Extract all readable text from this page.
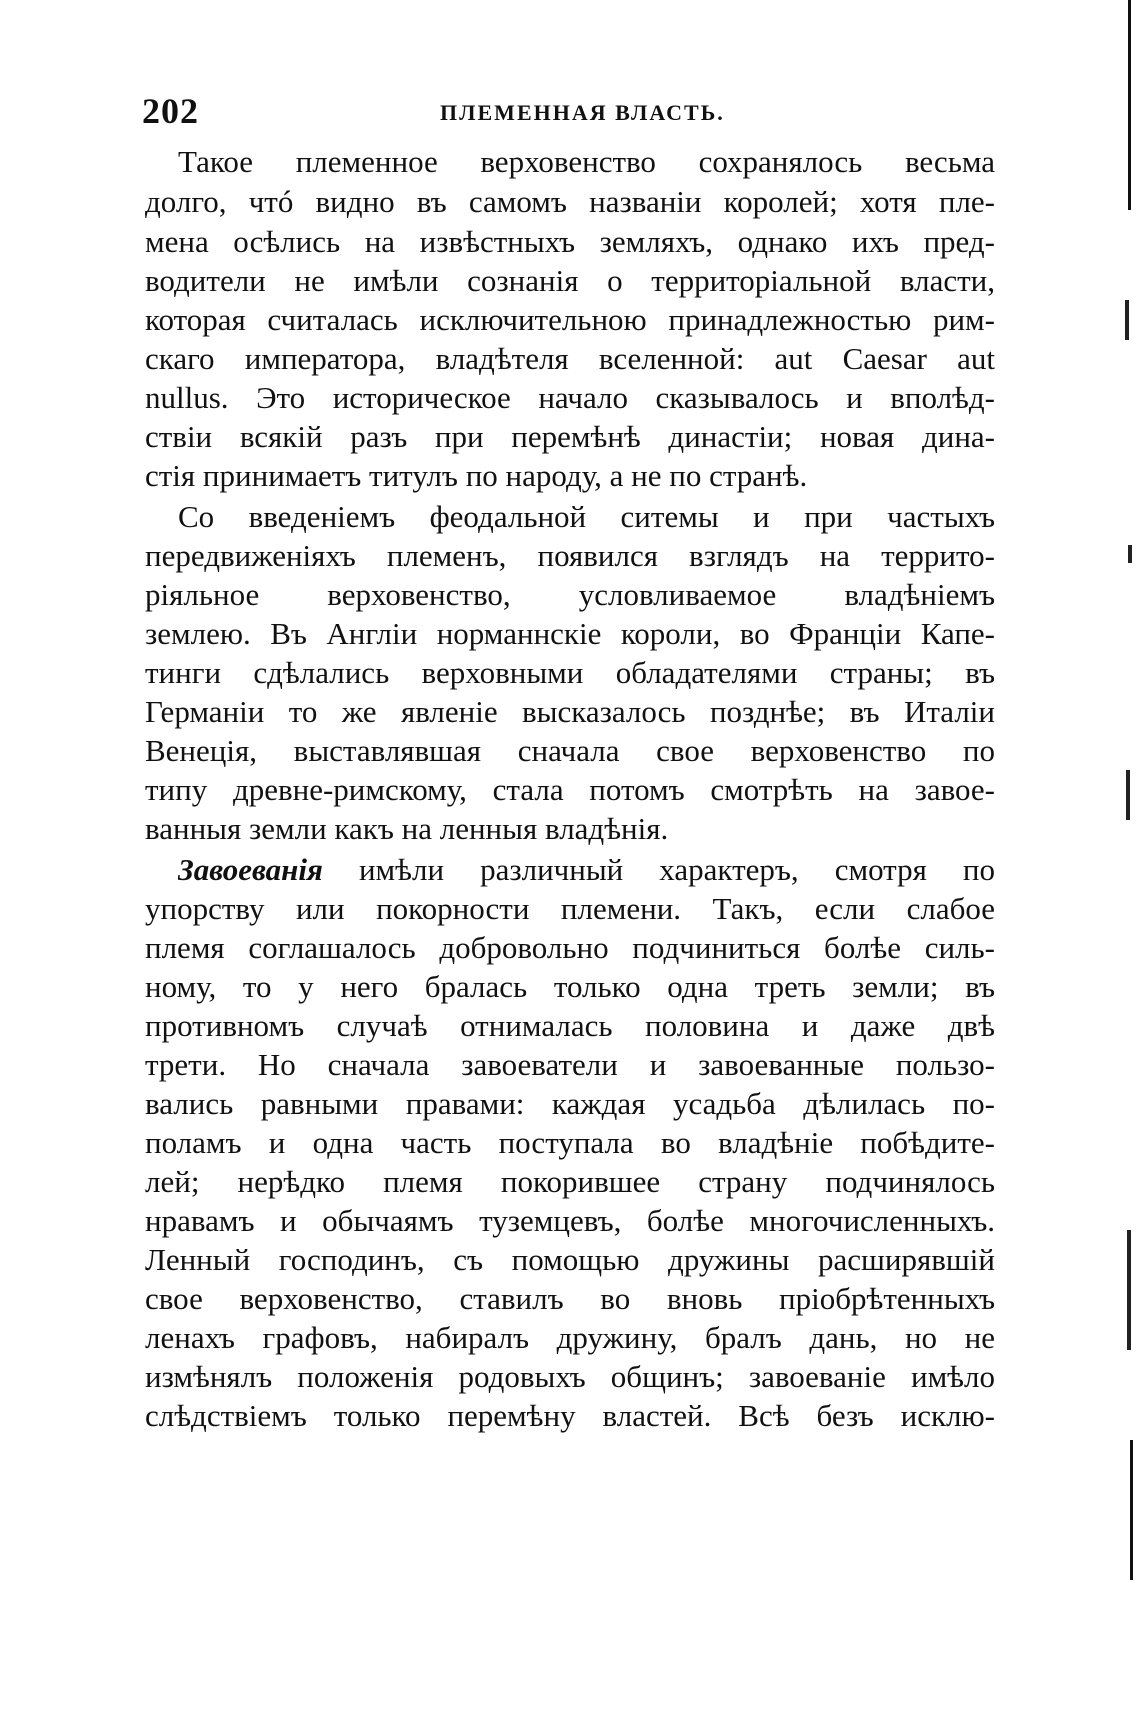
202	ПЛЕМЕННАЯ ВЛАСТЬ.
Такое племенное верховенство сохранялось весьма
долго, чтó видно въ самомъ названіи королей; хотя пле-
мена осѣлись на извѣстныхъ земляхъ, однако ихъ пред-
водители не имѣли сознанія о территоріальной власти,
которая считалась исключительною принадлежностью рим-
скаго императора, владѣтеля вселенной: aut Caesar aut
nullus. Это историческое начало сказывалось и вполѣд-
ствіи всякій разъ при перемѣнѣ династіи; новая дина-
стія принимаетъ титулъ по народу, а не по странѣ.
Со введеніемъ феодальной ситемы и при частыхъ
передвиженіяхъ племенъ, появился взглядъ на террито-
ріяльное верховенство, условливаемое владѣніемъ
землею. Въ Англіи норманнскіе короли, во Франціи Капе-
тинги сдѣлались верховными обладателями страны; въ
Германіи то же явленіе высказалось позднѣе; въ Италіи
Венеція, выставлявшая сначала свое верховенство по
типу древне-римскому, стала потомъ смотрѣть на завое-
ванныя земли какъ на ленныя владѣнія.
Завоеванія имѣли различный характеръ, смотря по
упорству или покорности племени. Такъ, если слабое
племя соглашалось добровольно подчиниться болѣе силь-
ному, то у него бралась только одна треть земли; въ
противномъ случаѣ отнималась половина и даже двѣ
трети. Но сначала завоеватели и завоеванные пользо-
вались равными правами: каждая усадьба дѣлилась по-
поламъ и одна часть поступала во владѣніе побѣдите-
лей; нерѣдко племя покорившее страну подчинялось
нравамъ и обычаямъ туземцевъ, болѣе многочисленныхъ.
Ленный господинъ, съ помощью дружины расширявшій
свое верховенство, ставилъ во вновь пріобрѣтенныхъ
ленахъ графовъ, набиралъ дружину, бралъ дань, но не
измѣнялъ положенія родовыхъ общинъ; завоеваніе имѣло
слѣдствіемъ только перемѣну властей. Всѣ безъ исклю-
